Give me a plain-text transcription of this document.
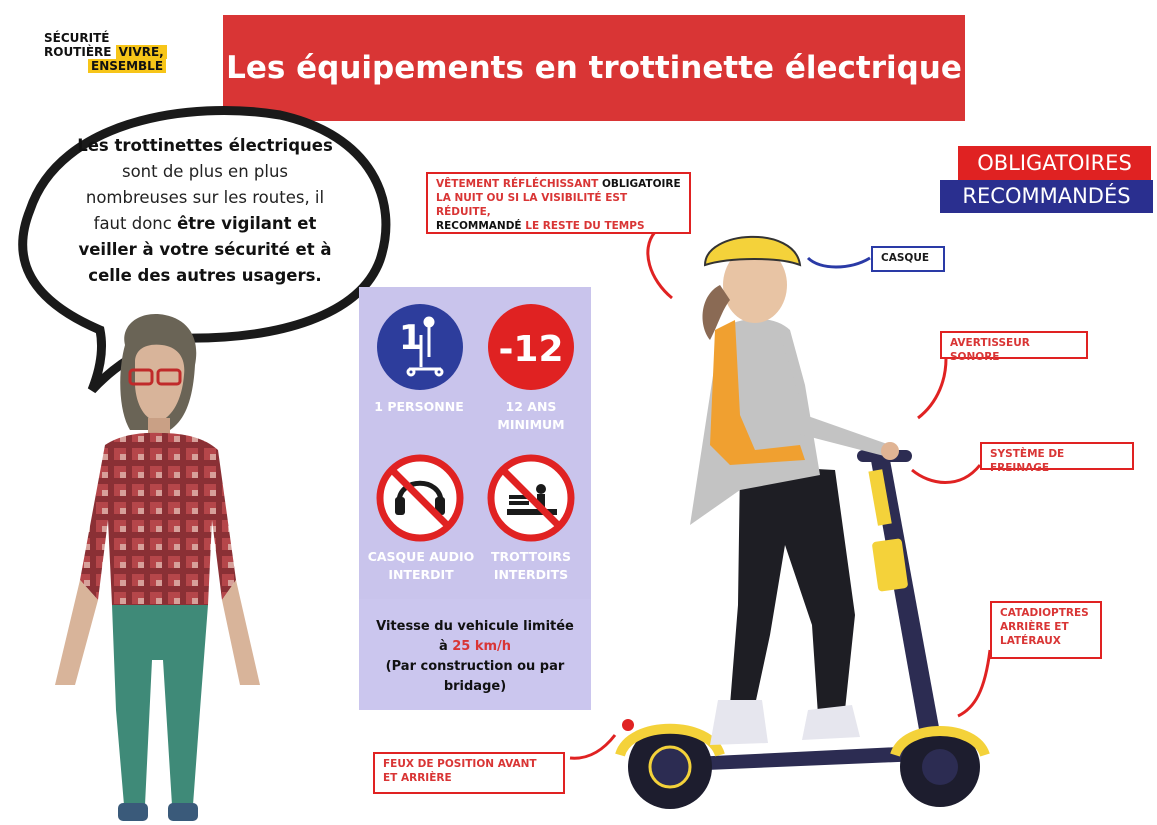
SÉCURITÉ
ROUTIÈRE VIVRE,
ENSEMBLE Les équipements en trottinette électrique
Les trottinettes électriques sont de plus en plus nombreuses sur les routes, il faut donc être vigilant et veiller à votre sécurité et à celle des autres usagers.
OBLIGATOIRES
RECOMMANDÉS
1 -12
1 PERSONNE	12 ANS
MINIMUM
CASQUE AUDIO
INTERDIT
TROTTOIRS
INTERDITS
Vitesse du vehicule limitée
à 25 km/h
(Par construction ou par
bridage)
VÊTEMENT RÉFLÉCHISSANT OBLIGATOIRE
LA NUIT OU SI LA VISIBILITÉ EST RÉDUITE,
RECOMMANDÉ LE RESTE DU TEMPS
CASQUE
AVERTISSEUR SONORE
SYSTÈME DE FREINAGE
CATADIOPTRES
ARRIÈRE ET
LATÉRAUX
FEUX DE POSITION AVANT
ET ARRIÈRE
